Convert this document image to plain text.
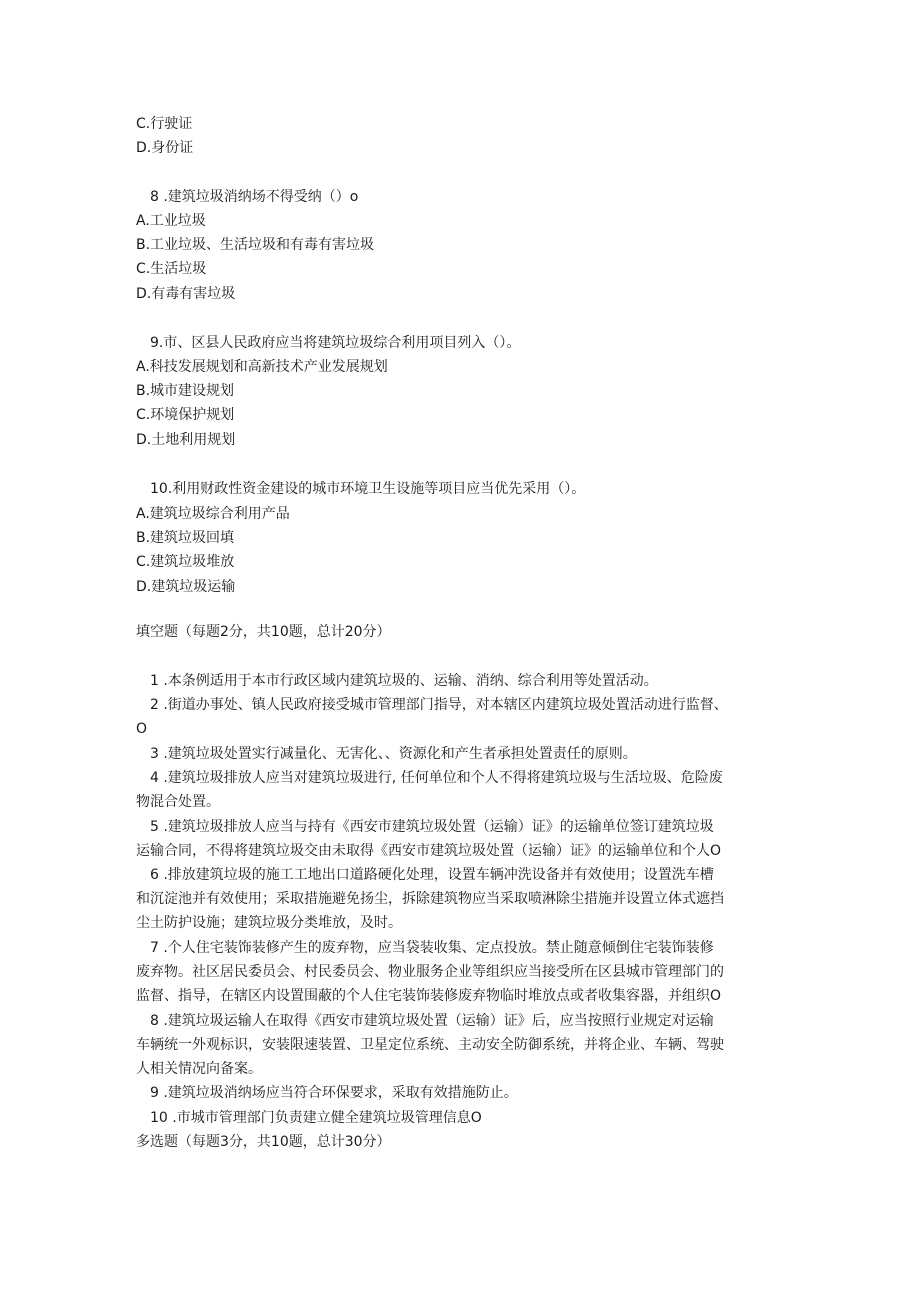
C.行驶证
D.身份证
8 .建筑垃圾消纳场不得受纳（）o
A.工业垃圾
B.工业垃圾、生活垃圾和有毒有害垃圾
C.生活垃圾
D.有毒有害垃圾
9.市、区县人民政府应当将建筑垃圾综合利用项目列入（）。
A.科技发展规划和高新技术产业发展规划
B.城市建设规划
C.环境保护规划
D.土地利用规划
10.利用财政性资金建设的城市环境卫生设施等项目应当优先采用（）。
A.建筑垃圾综合利用产品
B.建筑垃圾回填
C.建筑垃圾堆放
D.建筑垃圾运输
填空题（每题2分，共10题，总计20分）
1 .本条例适用于本市行政区域内建筑垃圾的、运输、消纳、综合利用等处置活动。
2 .街道办事处、镇人民政府接受城市管理部门指导，对本辖区内建筑垃圾处置活动进行监督、
O
3 .建筑垃圾处置实行减量化、无害化、、资源化和产生者承担处置责任的原则。
4 .建筑垃圾排放人应当对建筑垃圾进行, 任何单位和个人不得将建筑垃圾与生活垃圾、危险废
物混合处置。
5 .建筑垃圾排放人应当与持有《西安市建筑垃圾处置（运输）证》的运输单位签订建筑垃圾
运输合同，不得将建筑垃圾交由未取得《西安市建筑垃圾处置（运输）证》的运输单位和个人O
6 .排放建筑垃圾的施工工地出口道路硬化处理，设置车辆冲洗设备并有效使用；设置洗车槽
和沉淀池并有效使用；采取措施避免扬尘，拆除建筑物应当采取喷淋除尘措施并设置立体式遮挡
尘土防护设施；建筑垃圾分类堆放，及时。
7 .个人住宅装饰装修产生的废弃物，应当袋装收集、定点投放。禁止随意倾倒住宅装饰装修
废弃物。社区居民委员会、村民委员会、物业服务企业等组织应当接受所在区县城市管理部门的
监督、指导，在辖区内设置围蔽的个人住宅装饰装修废弃物临时堆放点或者收集容器，并组织O
8 .建筑垃圾运输人在取得《西安市建筑垃圾处置（运输）证》后，应当按照行业规定对运输
车辆统一外观标识，安装限速装置、卫星定位系统、主动安全防御系统，并将企业、车辆、驾驶
人相关情况向备案。
9 .建筑垃圾消纳场应当符合环保要求，采取有效措施防止。
10 .市城市管理部门负责建立健全建筑垃圾管理信息O
多选题（每题3分，共10题，总计30分）
